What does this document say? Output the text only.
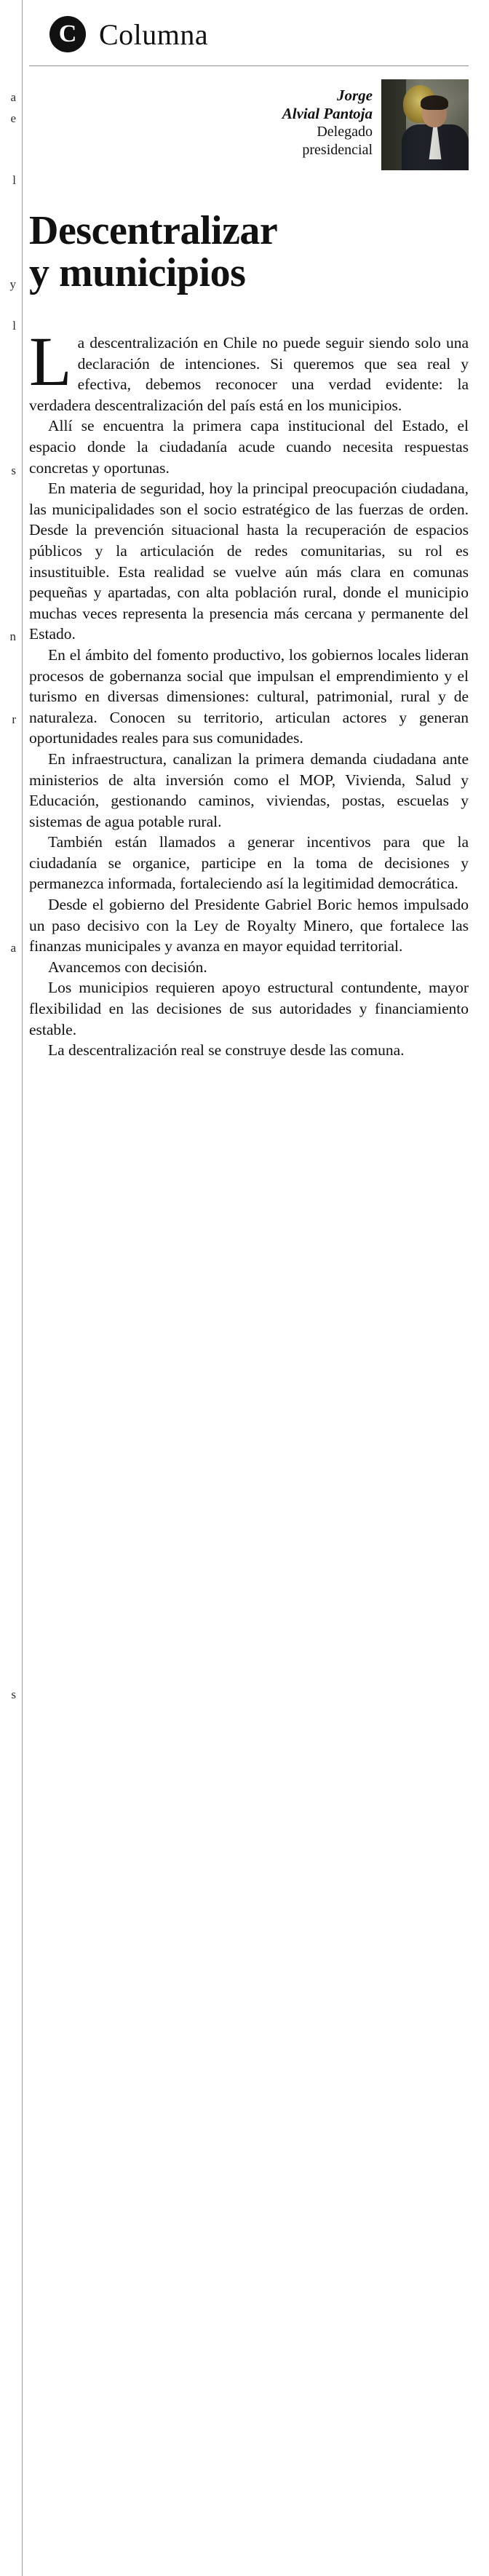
a
e
l
y
l
s
n
r
a
s
C Columna
Jorge
Alvial Pantoja
Delegado
presidencial
Descentralizar
y municipios

La descentralización en Chile no puede seguir siendo solo una declaración de intenciones. Si queremos que sea real y efectiva, debemos reconocer una verdad evidente: la verdadera descentralización del país está en los municipios.

Allí se encuentra la primera capa institucional del Estado, el espacio donde la ciudadanía acude cuando necesita respuestas concretas y oportunas.

En materia de seguridad, hoy la principal preocupación ciudadana, las municipalidades son el socio estratégico de las fuerzas de orden. Desde la prevención situacional hasta la recuperación de espacios públicos y la articulación de redes comunitarias, su rol es insustituible. Esta realidad se vuelve aún más clara en comunas pequeñas y apartadas, con alta población rural, donde el municipio muchas veces representa la presencia más cercana y permanente del Estado.

En el ámbito del fomento productivo, los gobiernos locales lideran procesos de gobernanza social que impulsan el emprendimiento y el turismo en diversas dimensiones: cultural, patrimonial, rural y de naturaleza. Conocen su territorio, articulan actores y generan oportunidades reales para sus comunidades.

En infraestructura, canalizan la primera demanda ciudadana ante ministerios de alta inversión como el MOP, Vivienda, Salud y Educación, gestionando caminos, viviendas, postas, escuelas y sistemas de agua potable rural.

También están llamados a generar incentivos para que la ciudadanía se organice, participe en la toma de decisiones y permanezca informada, fortaleciendo así la legitimidad democrática.

Desde el gobierno del Presidente Gabriel Boric hemos impulsado un paso decisivo con la Ley de Royalty Minero, que fortalece las finanzas municipales y avanza en mayor equidad territorial.

Avancemos con decisión.

Los municipios requieren apoyo estructural contundente, mayor flexibilidad en las decisiones de sus autoridades y financiamiento estable.

La descentralización real se construye desde las comuna.
